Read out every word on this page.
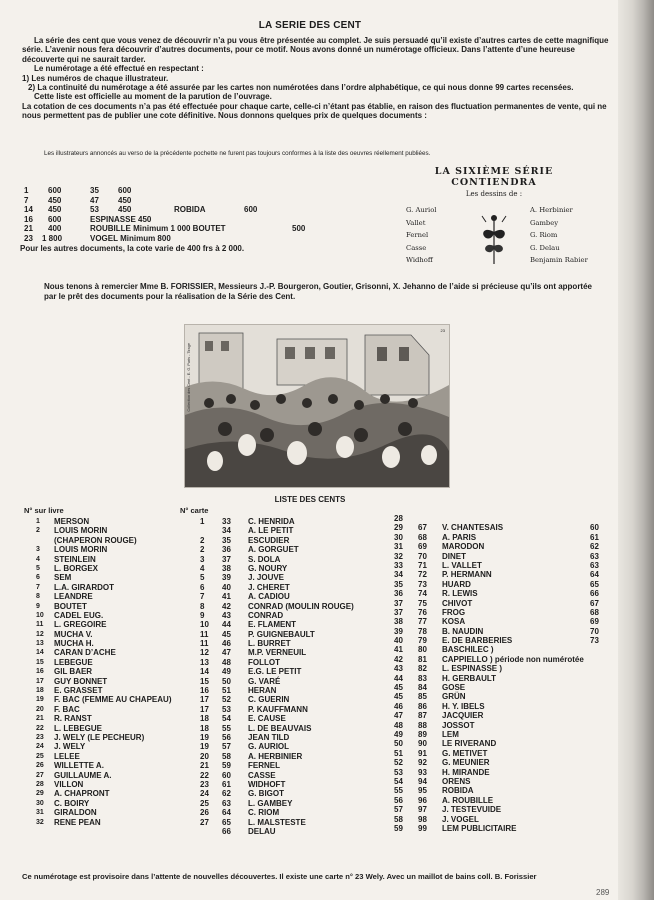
LA SERIE DES CENT

La série des cent que vous venez de découvrir n’a pu vous être présentée au complet. Je suis persuadé qu’il existe d’autres cartes de cette magnifique série. L’avenir nous fera découvrir d’autres documents, pour ce motif. Nous avons donné un numérotage officieux. Dans l’attente d’une heureuse découverte qui ne saurait tarder.

Le numérotage a été effectué en respectant :

1) Les numéros de chaque illustrateur.

2) La continuité du numérotage a été assurée par les cartes non numérotées dans l’ordre alphabétique, ce qui nous donne 99 cartes recensées.

Cette liste est officielle au moment de la parution de l’ouvrage.

La cotation de ces documents n’a pas été effectuée pour chaque carte, celle-ci n’étant pas établie, en raison des fluctuation permanentes de vente, qui ne nous permettent pas de publier une cote définitive. Nous donnons quelques prix de quelques documents :

Les illustrateurs annoncés au verso de la précédente pochette ne furent pas toujours conformes à la liste des oeuvres réellement publiées.
1 600	35 600
7 450	47 450
14 450	53 450	ROBIDA	600
16 600	ESPINASSE 450
21 400	ROUBILLE Minimum 1 000 BOUTET	500
23 1 800	VOGEL Minimum 800
Pour les autres documents, la cote varie de 400 frs à 2 000.
LA SIXIÈME SÉRIE CONTIENDRA
Les dessins de :
G. Auriol
Vallet
Fernel
Casse
Widhoff
A. Herbinier
Gambey
G. Riom
G. Delau
Benjamin Rabier
Nous tenons à remercier Mme B. FORISSIER, Messieurs J.-P. Bourgeron, Goutier, Grisonni, X. Jehanno de l’aide si précieuse qu’ils ont apportée par le prêt des documents pour la réalisation de la Série des Cent.
Collection des Cent - E. G. Paris - Tirage
23
LISTE DES CENTS
N° sur livre	N° carte
1 MERSON	1 33 C. HENRIDA
2 LOUIS MORIN	34 A. LE PETIT
(CHAPERON ROUGE)	2 35 ESCUDIER
3 LOUIS MORIN	2 36 A. GORGUET
4 STEINLEIN	3 37 S. DOLA
5 L. BORGEX	4 38 G. NOURY
6 SEM	5 39 J. JOUVE
7 L.A. GIRARDOT	6 40 J. CHERET
8 LEANDRE	7 41 A. CADIOU
9 BOUTET	8 42 CONRAD (MOULIN ROUGE)
10 CADEL EUG.	9 43 CONRAD
11 L. GREGOIRE	10 44 E. FLAMENT
12 MUCHA V.	11 45 P. GUIGNEBAULT
13 MUCHA H.	11 46 L. BURRET
14 CARAN D’ACHE	12 47 M.P. VERNEUIL
15 LEBEGUE	13 48 FOLLOT
16 GIL BAER	14 49 E.G. LE PETIT
17 GUY BONNET	15 50 G. VARÉ
18 E. GRASSET	16 51 HERAN
19 F. BAC (FEMME AU CHAPEAU)	17 52 C. GUERIN
20 F. BAC	17 53 P. KAUFFMANN
21 R. RANST	18 54 E. CAUSE
22 L. LEBEGUE	18 55 L. DE BEAUVAIS
23 J. WELY (LE PECHEUR)	19 56 JEAN TILD
24 J. WELY	19 57 G. AURIOL
25 LELEE	20 58 A. HERBINIER
26 WILLETTE A.	21 59 FERNEL
27 GUILLAUME A.	22 60 CASSE
28 VILLON	23 61 WIDHOFT
29 A. CHAPRONT	24 62 G. BIGOT
30 C. BOIRY	25 63 L. GAMBEY
31 GIRALDON	26 64 C. RIOM
32 RENE PEAN	27 65 L. MALSTESTE
66 DELAU
28
29 67 V. CHANTESAIS	60
30 68 A. PARIS	61
31 69 MARODON	62
32 70 DINET	63
33 71 L. VALLET	63
34 72 P. HERMANN	64
35 73 HUARD	65
36 74 R. LEWIS	66
37 75 CHIVOT	67
37 76 FROG	68
38 77 KOSA	69
39 78 B. NAUDIN	70
40 79 E. DE BARBERIES	73
41 80 BASCHILEC )
42 81 CAPPIELLO ) période non numérotée
43 82 L. ESPINASSE )
44 83 H. GERBAULT
45 84 GOSE
45 85 GRÜN
46 86 H. Y. IBELS
47 87 JACQUIER
48 88 JOSSOT
49 89 LEM
50 90 LE RIVERAND
51 91 G. METIVET
52 92 G. MEUNIER
53 93 H. MIRANDE
54 94 ORENS
55 95 ROBIDA
56 96 A. ROUBILLE
57 97 J. TESTEVUIDE
58 98 J. VOGEL
59 99 LEM PUBLICITAIRE
Ce numérotage est provisoire dans l’attente de nouvelles découvertes. Il existe une carte n° 23 Wely. Avec un maillot de bains coll. B. Forissier
289
